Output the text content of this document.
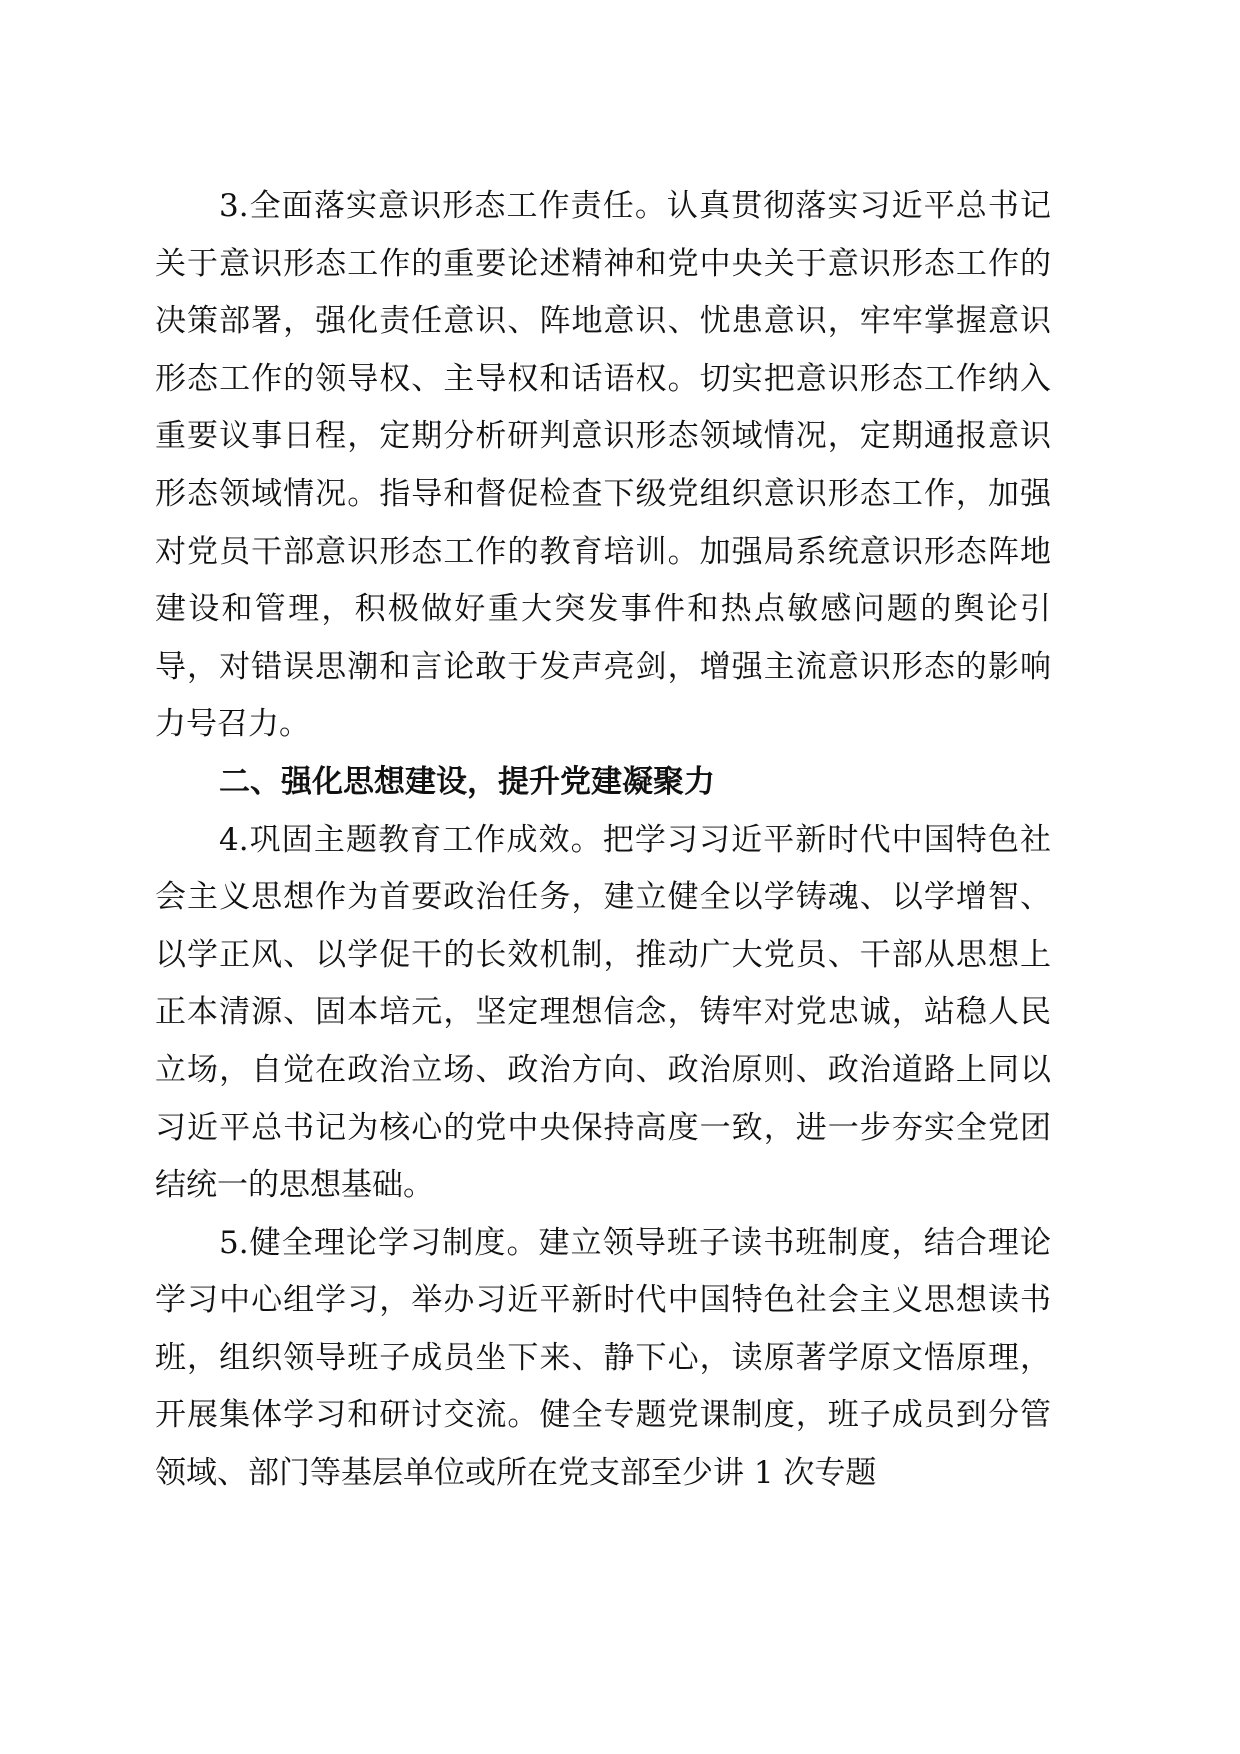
3.全面落实意识形态工作责任。认真贯彻落实习近平总书记关于意识形态工作的重要论述精神和党中央关于意识形态工作的决策部署，强化责任意识、阵地意识、忧患意识，牢牢掌握意识形态工作的领导权、主导权和话语权。切实把意识形态工作纳入重要议事日程，定期分析研判意识形态领域情况，定期通报意识形态领域情况。指导和督促检查下级党组织意识形态工作，加强对党员干部意识形态工作的教育培训。加强局系统意识形态阵地建设和管理，积极做好重大突发事件和热点敏感问题的舆论引导，对错误思潮和言论敢于发声亮剑，增强主流意识形态的影响力号召力。

二、强化思想建设，提升党建凝聚力

4.巩固主题教育工作成效。把学习习近平新时代中国特色社会主义思想作为首要政治任务，建立健全以学铸魂、以学增智、以学正风、以学促干的长效机制，推动广大党员、干部从思想上正本清源、固本培元，坚定理想信念，铸牢对党忠诚，站稳人民立场，自觉在政治立场、政治方向、政治原则、政治道路上同以习近平总书记为核心的党中央保持高度一致，进一步夯实全党团结统一的思想基础。

5.健全理论学习制度。建立领导班子读书班制度，结合理论学习中心组学习，举办习近平新时代中国特色社会主义思想读书班，组织领导班子成员坐下来、静下心，读原著学原文悟原理，开展集体学习和研讨交流。健全专题党课制度，班子成员到分管领域、部门等基层单位或所在党支部至少讲 1 次专题
